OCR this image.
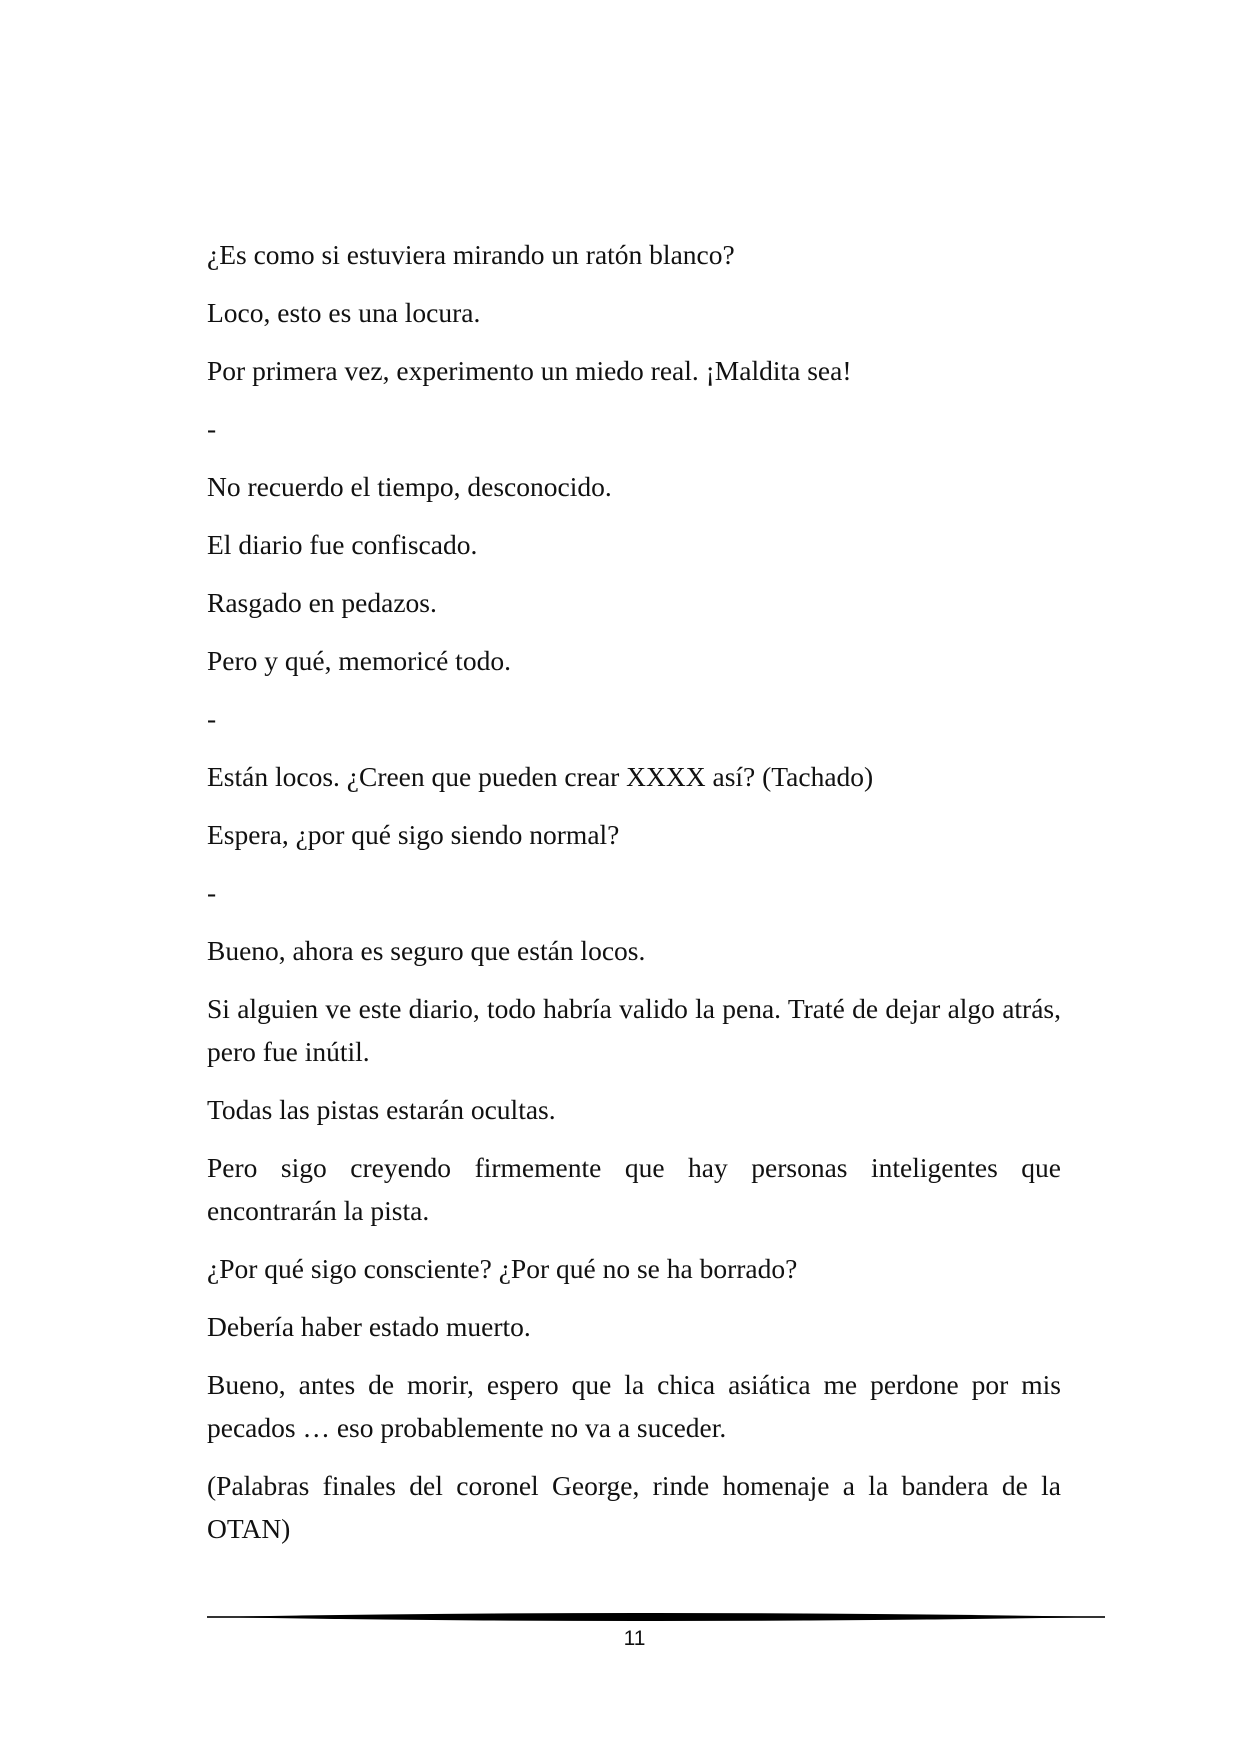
¿Es como si estuviera mirando un ratón blanco?

Loco, esto es una locura.

Por primera vez, experimento un miedo real. ¡Maldita sea!

-

No recuerdo el tiempo, desconocido.

El diario fue confiscado.

Rasgado en pedazos.

Pero y qué, memoricé todo.

-

Están locos. ¿Creen que pueden crear XXXX así? (Tachado)

Espera, ¿por qué sigo siendo normal?

-

Bueno, ahora es seguro que están locos.

Si alguien ve este diario, todo habría valido la pena. Traté de dejar algo atrás, pero fue inútil.

Todas las pistas estarán ocultas.

Pero sigo creyendo firmemente que hay personas inteligentes que encontrarán la pista.

¿Por qué sigo consciente? ¿Por qué no se ha borrado?

Debería haber estado muerto.

Bueno, antes de morir, espero que la chica asiática me perdone por mis pecados … eso probablemente no va a suceder.

(Palabras finales del coronel George, rinde homenaje a la bandera de la OTAN)

11
